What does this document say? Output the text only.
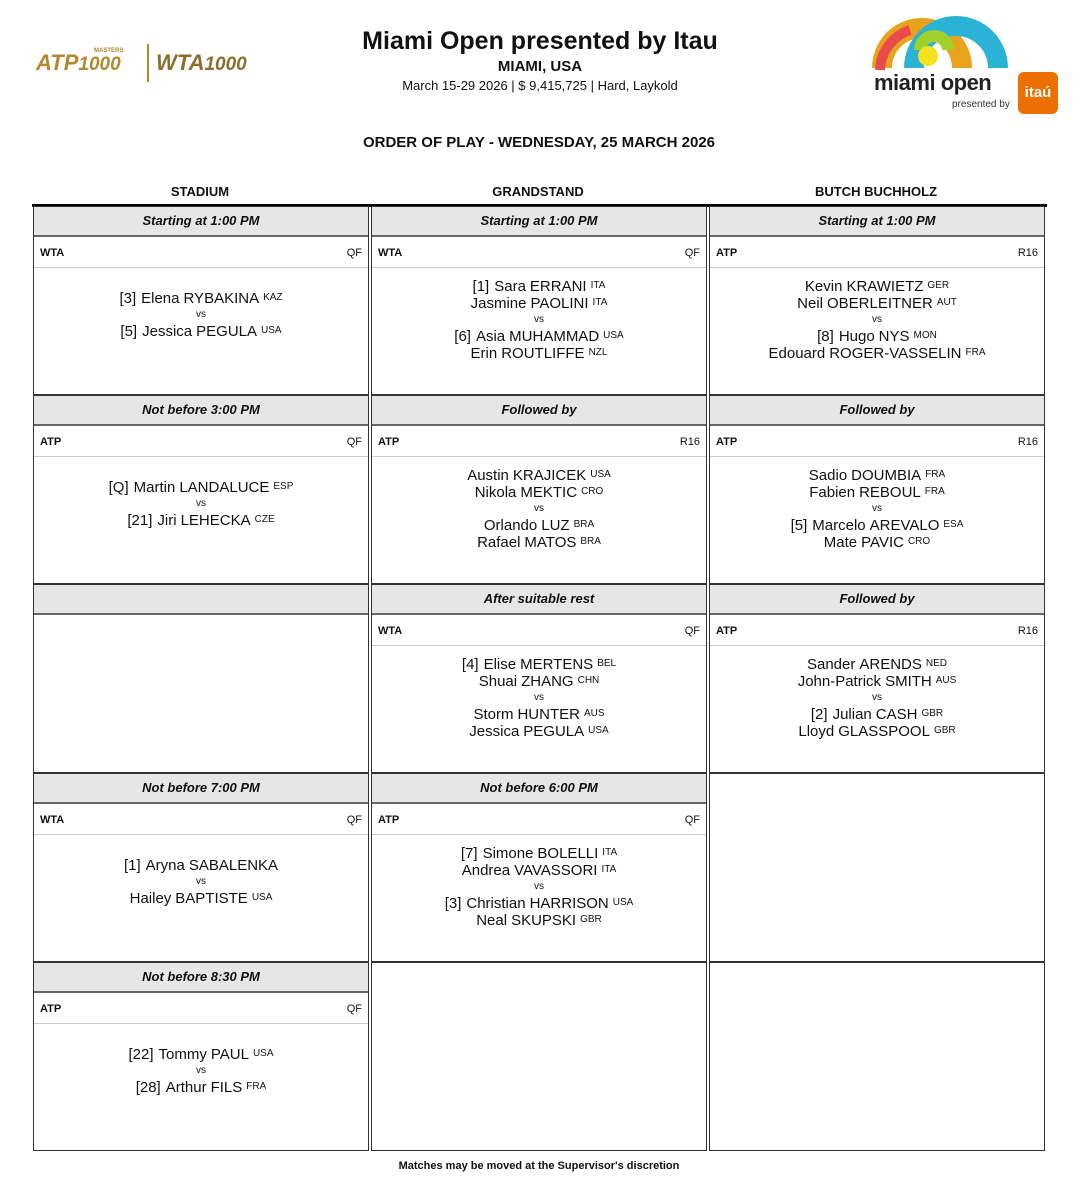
ATP	MASTERS
1000 WTA1000
Miami Open presented by Itau
MIAMI, USA
March 15-29 2026 | $ 9,415,725 | Hard, Laykold	miami open
presented by
itaú
ORDER OF PLAY - WEDNESDAY, 25 MARCH 2026
STADIUM	GRANDSTAND	BUTCH BUCHHOLZ
Starting at 1:00 PM
WTA	QF
[3] Elena RYBAKINA $^{KAZ}$
vs
[5] Jessica PEGULA $^{USA}$
Starting at 1:00 PM
WTA	QF
[1] Sara ERRANI $^{ITA}$
Jasmine PAOLINI $^{ITA}$
vs
[6] Asia MUHAMMAD $^{USA}$
Erin ROUTLIFFE $^{NZL}$
Starting at 1:00 PM
ATP	R16
Kevin KRAWIETZ $^{GER}$
Neil OBERLEITNER $^{AUT}$
vs
[8] Hugo NYS $^{MON}$
Edouard ROGER-VASSELIN $^{FRA}$
Not before 3:00 PM
ATP	QF
[Q] Martin LANDALUCE $^{ESP}$
vs
[21] Jiri LEHECKA $^{CZE}$
Followed by
ATP	R16
Austin KRAJICEK $^{USA}$
Nikola MEKTIC $^{CRO}$
vs
Orlando LUZ $^{BRA}$
Rafael MATOS $^{BRA}$
Followed by
ATP	R16
Sadio DOUMBIA $^{FRA}$
Fabien REBOUL $^{FRA}$
vs
[5] Marcelo AREVALO $^{ESA}$
Mate PAVIC $^{CRO}$
After suitable rest
WTA	QF
[4] Elise MERTENS $^{BEL}$
Shuai ZHANG $^{CHN}$
vs
Storm HUNTER $^{AUS}$
Jessica PEGULA $^{USA}$
Followed by
ATP	R16
Sander ARENDS $^{NED}$
John-Patrick SMITH $^{AUS}$
vs
[2] Julian CASH $^{GBR}$
Lloyd GLASSPOOL $^{GBR}$
Not before 7:00 PM
WTA	QF
[1] Aryna SABALENKA
vs
Hailey BAPTISTE $^{USA}$
Not before 6:00 PM
ATP	QF
[7] Simone BOLELLI $^{ITA}$
Andrea VAVASSORI $^{ITA}$
vs
[3] Christian HARRISON $^{USA}$
Neal SKUPSKI $^{GBR}$
Not before 8:30 PM
ATP	QF
[22] Tommy PAUL $^{USA}$
vs
[28] Arthur FILS $^{FRA}$
Matches may be moved at the Supervisor's discretion
